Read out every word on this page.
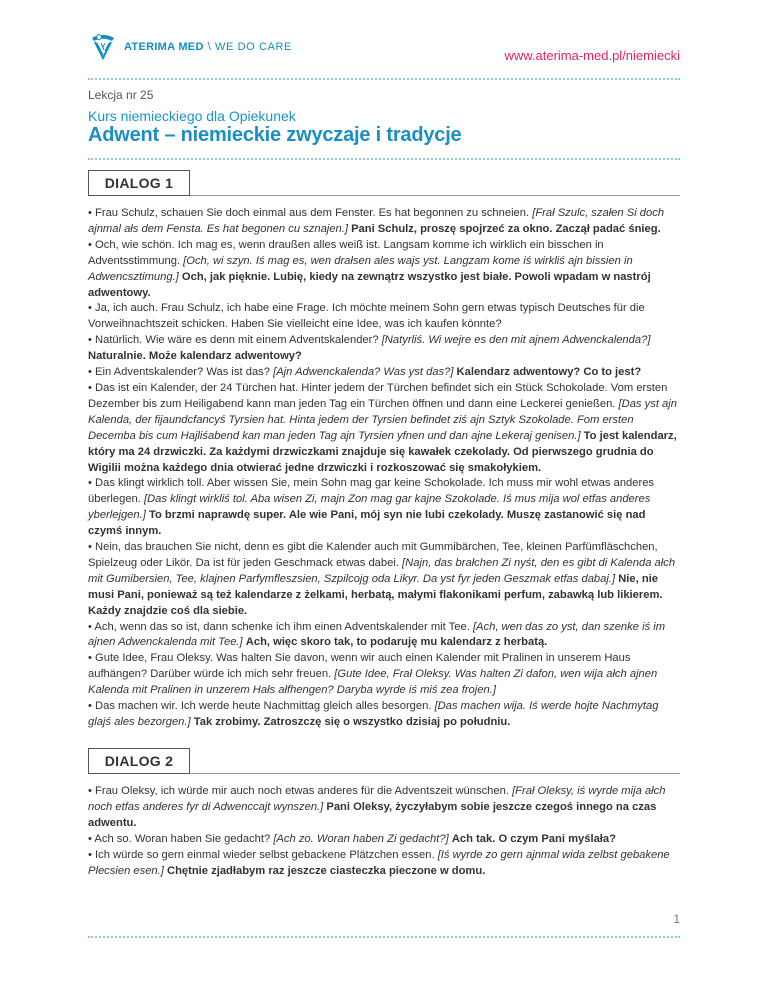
ATERIMA MED \ WE DO CARE
www.aterima-med.pl/niemiecki
Lekcja nr 25
Kurs niemieckiego dla Opiekunek
Adwent – niemieckie zwyczaje i tradycje
DIALOG 1

• Frau Schulz, schauen Sie doch einmal aus dem Fenster. Es hat begonnen zu schneien. [Frał Szulc, szałen Si doch ajnmal ałs dem Fensta. Es hat begonen cu sznajen.] Pani Schulz, proszę spojrzeć za okno. Zaczął padać śnieg.

• Och, wie schön. Ich mag es, wenn draußen alles weiß ist. Langsam komme ich wirklich ein bisschen in Adventsstimmung. [Och, wi szyn. Iś mag es, wen drałsen ales wajs yst. Langzam kome iś wirkliś ajn bissien in Adwencsztimung.] Och, jak pięknie. Lubię, kiedy na zewnątrz wszystko jest białe. Powoli wpadam w nastrój adwentowy.

• Ja, ich auch. Frau Schulz, ich habe eine Frage. Ich möchte meinem Sohn gern etwas typisch Deutsches für die Vorweihnachtszeit schicken. Haben Sie vielleicht eine Idee, was ich kaufen könnte?

• Natürlich. Wie wäre es denn mit einem Adventskalender? [Natyrliś. Wi wejre es den mit ajnem Adwenckalenda?] Naturalnie. Może kalendarz adwentowy?

• Ein Adventskalender? Was ist das? [Ajn Adwenckalenda? Was yst das?] Kalendarz adwentowy? Co to jest?

• Das ist ein Kalender, der 24 Türchen hat. Hinter jedem der Türchen befindet sich ein Stück Schokolade. Vom ersten Dezember bis zum Heiligabend kann man jeden Tag ein Türchen öffnen und dann eine Leckerei genießen. [Das yst ajn Kalenda, der fijaundcfancyś Tyrsien hat. Hinta jedem der Tyrsien befindet ziś ajn Sztyk Szokolade. Fom ersten Decemba bis cum Hajliśabend kan man jeden Tag ajn Tyrsien yfnen und dan ajne Lekeraj genisen.] To jest kalendarz, który ma 24 drzwiczki. Za każdymi drzwiczkami znajduje się kawałek czekolady. Od pierwszego grudnia do Wigilii można każdego dnia otwierać jedne drzwiczki i rozkoszować się smakołykiem.

• Das klingt wirklich toll. Aber wissen Sie, mein Sohn mag gar keine Schokolade. Ich muss mir wohl etwas anderes überlegen. [Das klingt wirkliś tol. Aba wisen Zi, majn Zon mag gar kajne Szokolade. Iś mus mija wol etfas anderes yberlejgen.] To brzmi naprawdę super. Ale wie Pani, mój syn nie lubi czekolady. Muszę zastanowić się nad czymś innym.

• Nein, das brauchen Sie nicht, denn es gibt die Kalender auch mit Gummibärchen, Tee, kleinen Parfümfläschchen, Spielzeug oder Likör. Da ist für jeden Geschmack etwas dabei. [Najn, das brałchen Zi nyśt, den es gibt di Kalenda ałch mit Gumibersien, Tee, klajnen Parfymfleszsien, Szpilcojg oda Likyr. Da yst fyr jeden Geszmak etfas dabaj.] Nie, nie musi Pani, ponieważ są też kalendarze z żelkami, herbatą, małymi flakonikami perfum, zabawką lub likierem. Każdy znajdzie coś dla siebie.

• Ach, wenn das so ist, dann schenke ich ihm einen Adventskalender mit Tee. [Ach, wen das zo yst, dan szenke iś im ajnen Adwenckalenda mit Tee.] Ach, więc skoro tak, to podaruję mu kalendarz z herbatą.

• Gute Idee, Frau Oleksy. Was halten Sie davon, wenn wir auch einen Kalender mit Pralinen in unserem Haus aufhängen? Darüber würde ich mich sehr freuen. [Gute Idee, Frał Oleksy. Was halten Zi dafon, wen wija ałch ajnen Kalenda mit Pralinen in unzerem Hałs ałfhengen? Daryba wyrde iś miś zea frojen.]

• Das machen wir. Ich werde heute Nachmittag gleich alles besorgen. [Das machen wija. Iś werde hojte Nachmytag glajś ales bezorgen.] Tak zrobimy. Zatroszczę się o wszystko dzisiaj po południu.

DIALOG 2

• Frau Oleksy, ich würde mir auch noch etwas anderes für die Adventszeit wünschen. [Frał Oleksy, iś wyrde mija ałch noch etfas anderes fyr di Adwenccajt wynszen.] Pani Oleksy, życzyłabym sobie jeszcze czegoś innego na czas adwentu.

• Ach so. Woran haben Sie gedacht? [Ach zo. Woran haben Zi gedacht?] Ach tak. O czym Pani myślała?

• Ich würde so gern einmal wieder selbst gebackene Plätzchen essen. [Iś wyrde zo gern ajnmal wida zelbst gebakene Plecsien esen.] Chętnie zjadłabym raz jeszcze ciasteczka pieczone w domu.

1
